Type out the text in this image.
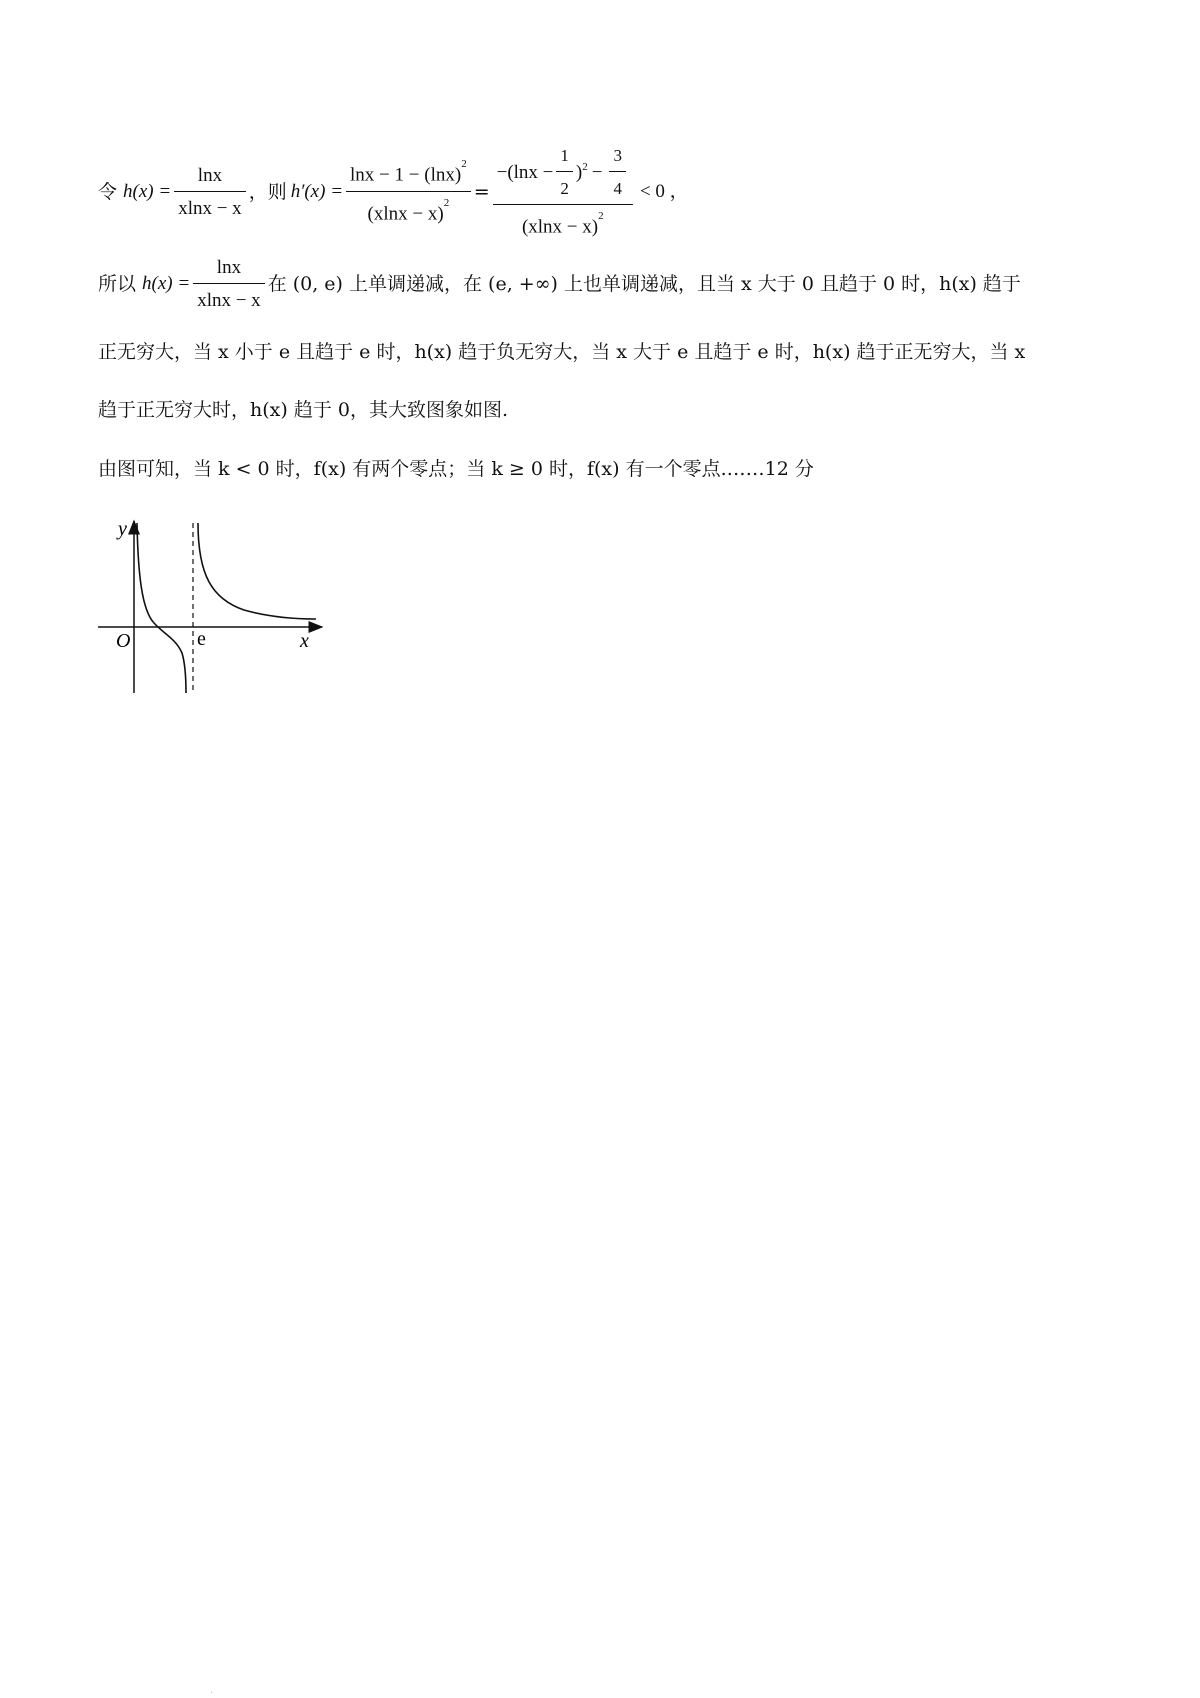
令 $h(x) = \frac{\ln x}{xlnx - x}$ ，则 $h'(x) = \frac{\ln x - 1 - (\ln x)^2}{(xlnx - x)^2}$ =
$-(\ln x - \frac{1}{2}$ ) $2 - \frac{3}{4}$
$(xlnx - x)^2$
< 0 ，
所以 $h(x) = \frac{\ln x}{xlnx - x}$ 在 (0, e) 上单调递减，在 (e, +∞) 上也单调递减，且当 x 大于 0 且趋于 0 时，h(x) 趋于
正无穷大，当 x 小于 e 且趋于 e 时，h(x) 趋于负无穷大，当 x 大于 e 且趋于 e 时，h(x) 趋于正无穷大，当 x
趋于正无穷大时，h(x) 趋于 0，其大致图象如图.
由图可知，当 k < 0 时，f(x) 有两个零点；当 k ≥ 0 时，f(x) 有一个零点.……12 分
y
x
O	e
.
